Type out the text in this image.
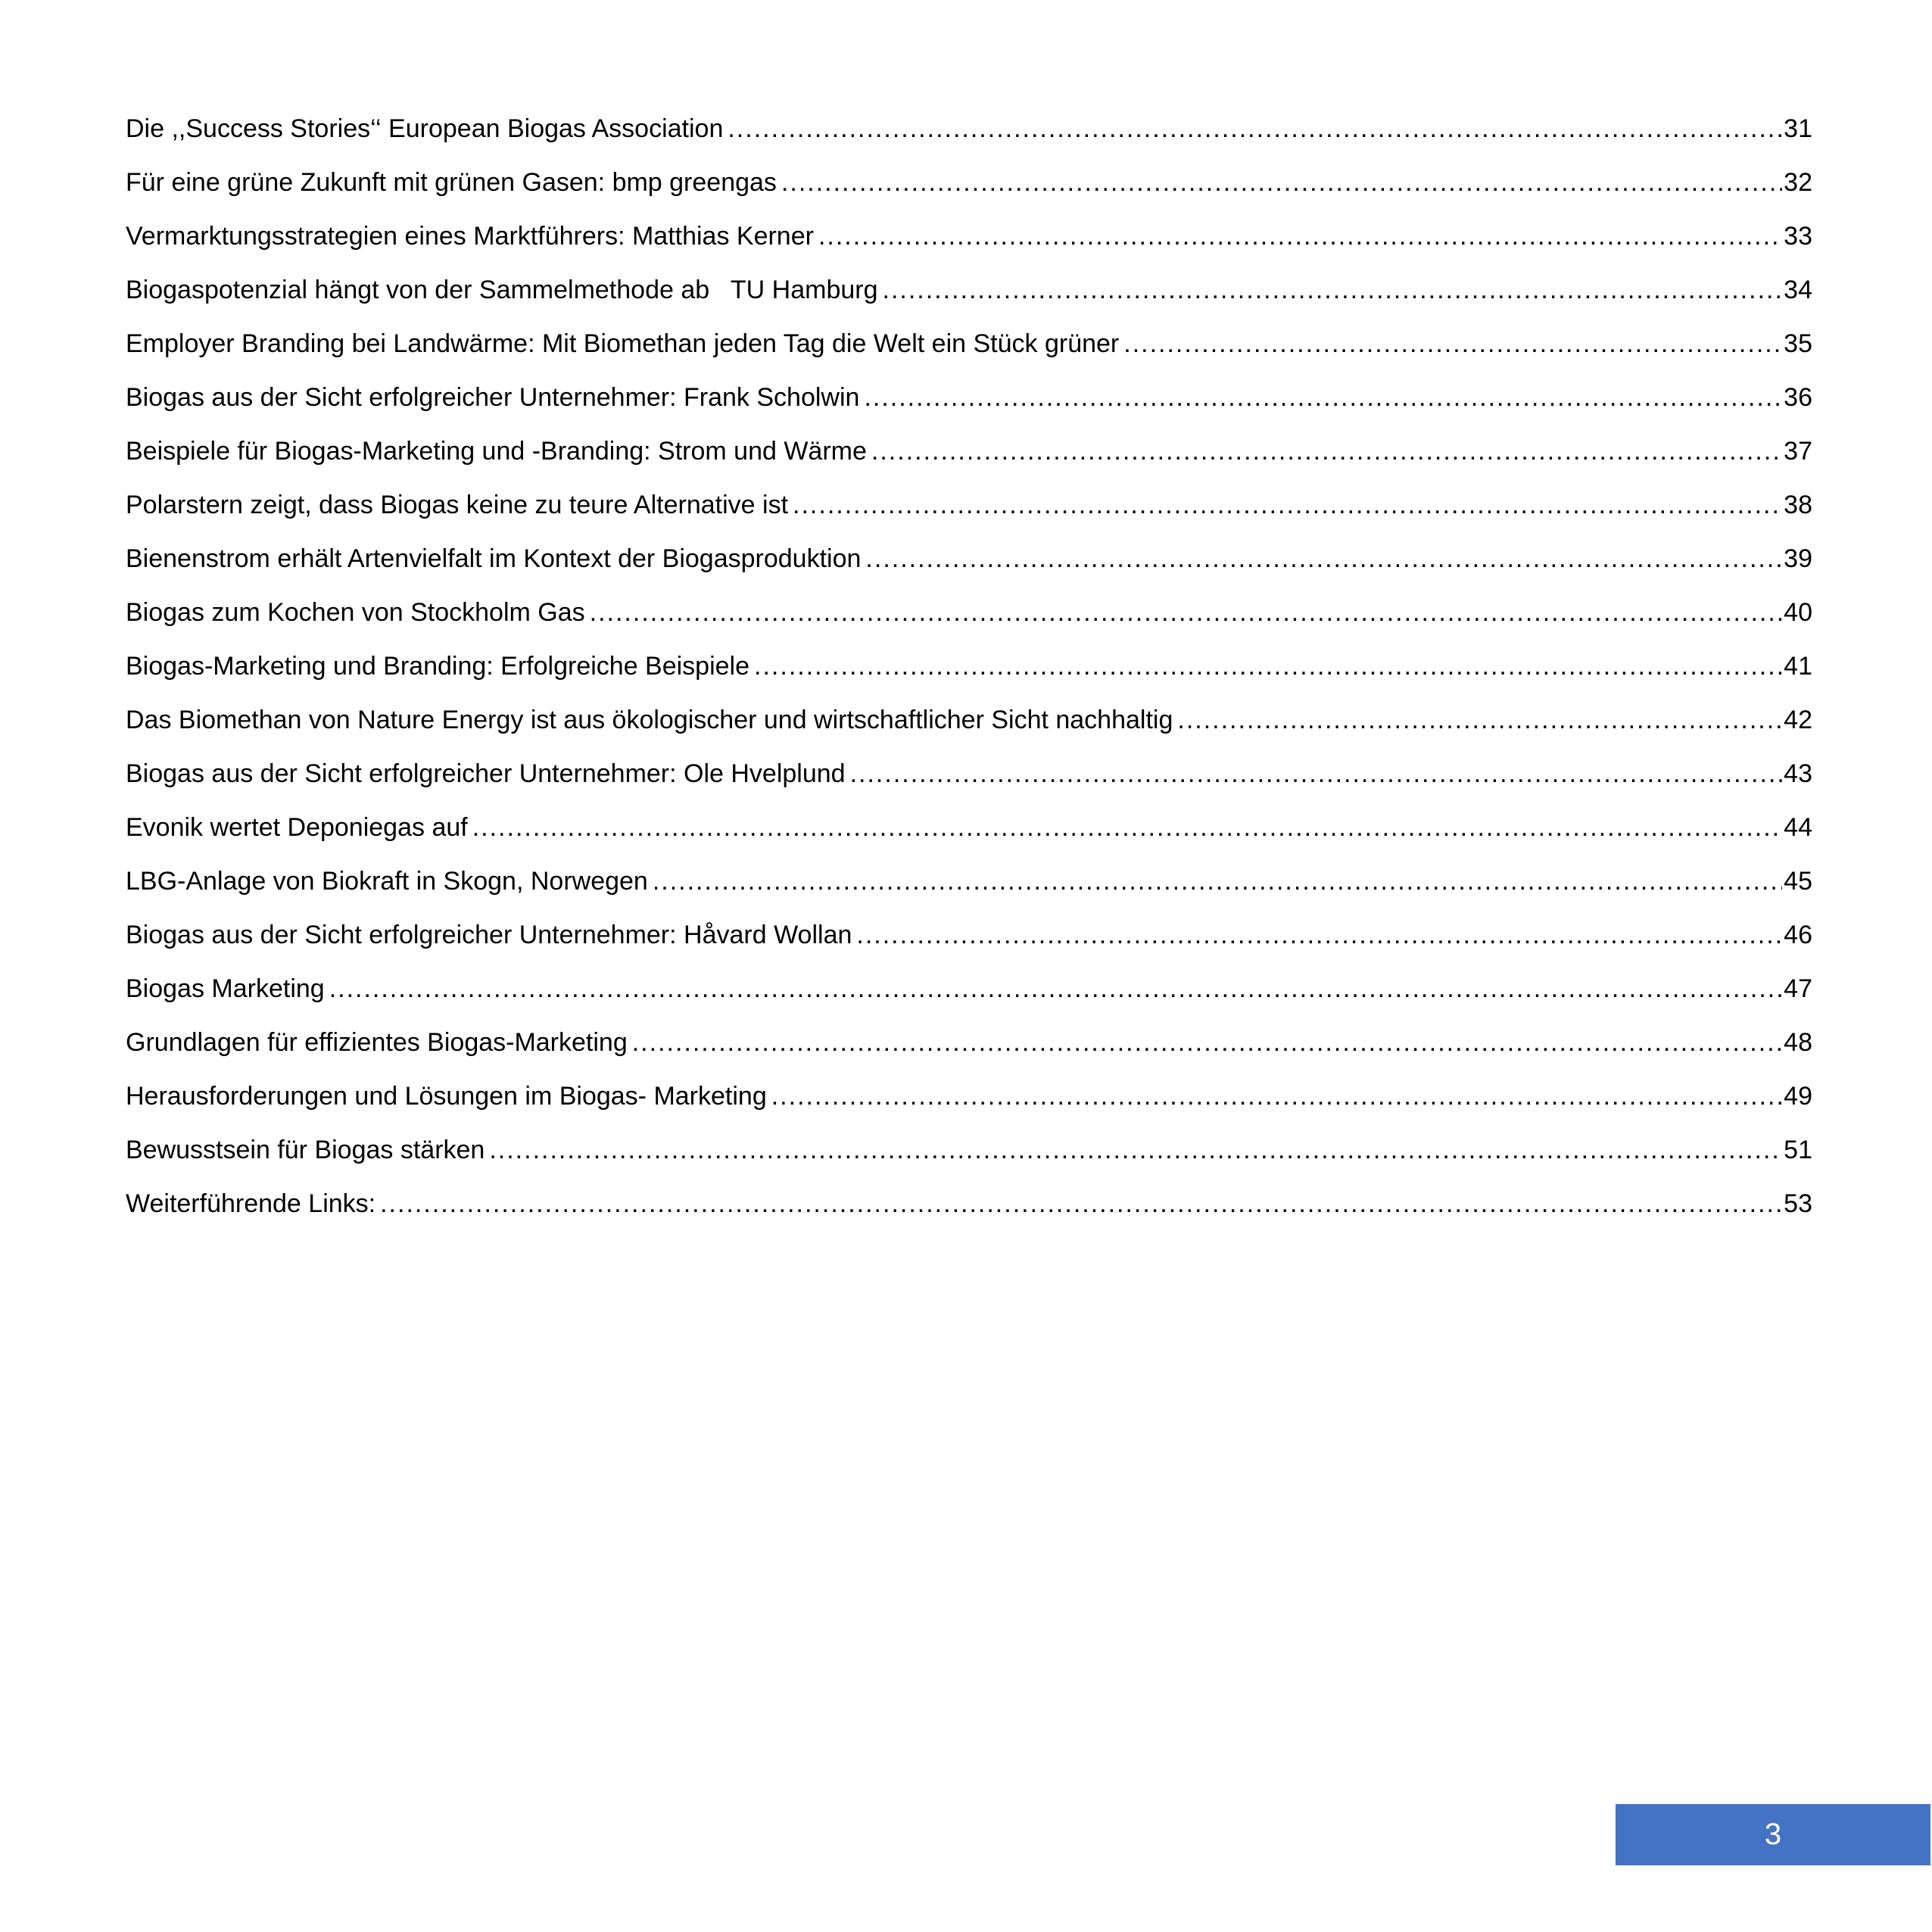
Die ,,Success Stories‘‘ European Biogas Association .....	31
Für eine grüne Zukunft mit grünen Gasen: bmp greengas .....	32
Vermarktungsstrategien eines Marktführers: Matthias Kerner .....	33
Biogaspotenzial hängt von der Sammelmethode ab   TU Hamburg .....	34
Employer Branding bei Landwärme: Mit Biomethan jeden Tag die Welt ein Stück grüner .....	35
Biogas aus der Sicht erfolgreicher Unternehmer: Frank Scholwin .....	36
Beispiele für Biogas-Marketing und -Branding: Strom und Wärme .....	37
Polarstern zeigt, dass Biogas keine zu teure Alternative ist .....	38
Bienenstrom erhält Artenvielfalt im Kontext der Biogasproduktion .....	39
Biogas zum Kochen von Stockholm Gas .....	40
Biogas-Marketing und Branding: Erfolgreiche Beispiele .....	41
Das Biomethan von Nature Energy ist aus ökologischer und wirtschaftlicher Sicht nachhaltig .....	42
Biogas aus der Sicht erfolgreicher Unternehmer: Ole Hvelplund .....	43
Evonik wertet Deponiegas auf .....	44
LBG-Anlage von Biokraft in Skogn, Norwegen .....	45
Biogas aus der Sicht erfolgreicher Unternehmer: Håvard Wollan .....	46
Biogas Marketing .....	47
Grundlagen für effizientes Biogas-Marketing .....	48
Herausforderungen und Lösungen im Biogas- Marketing .....	49
Bewusstsein für Biogas stärken .....	51
Weiterführende Links: .....	53
3
